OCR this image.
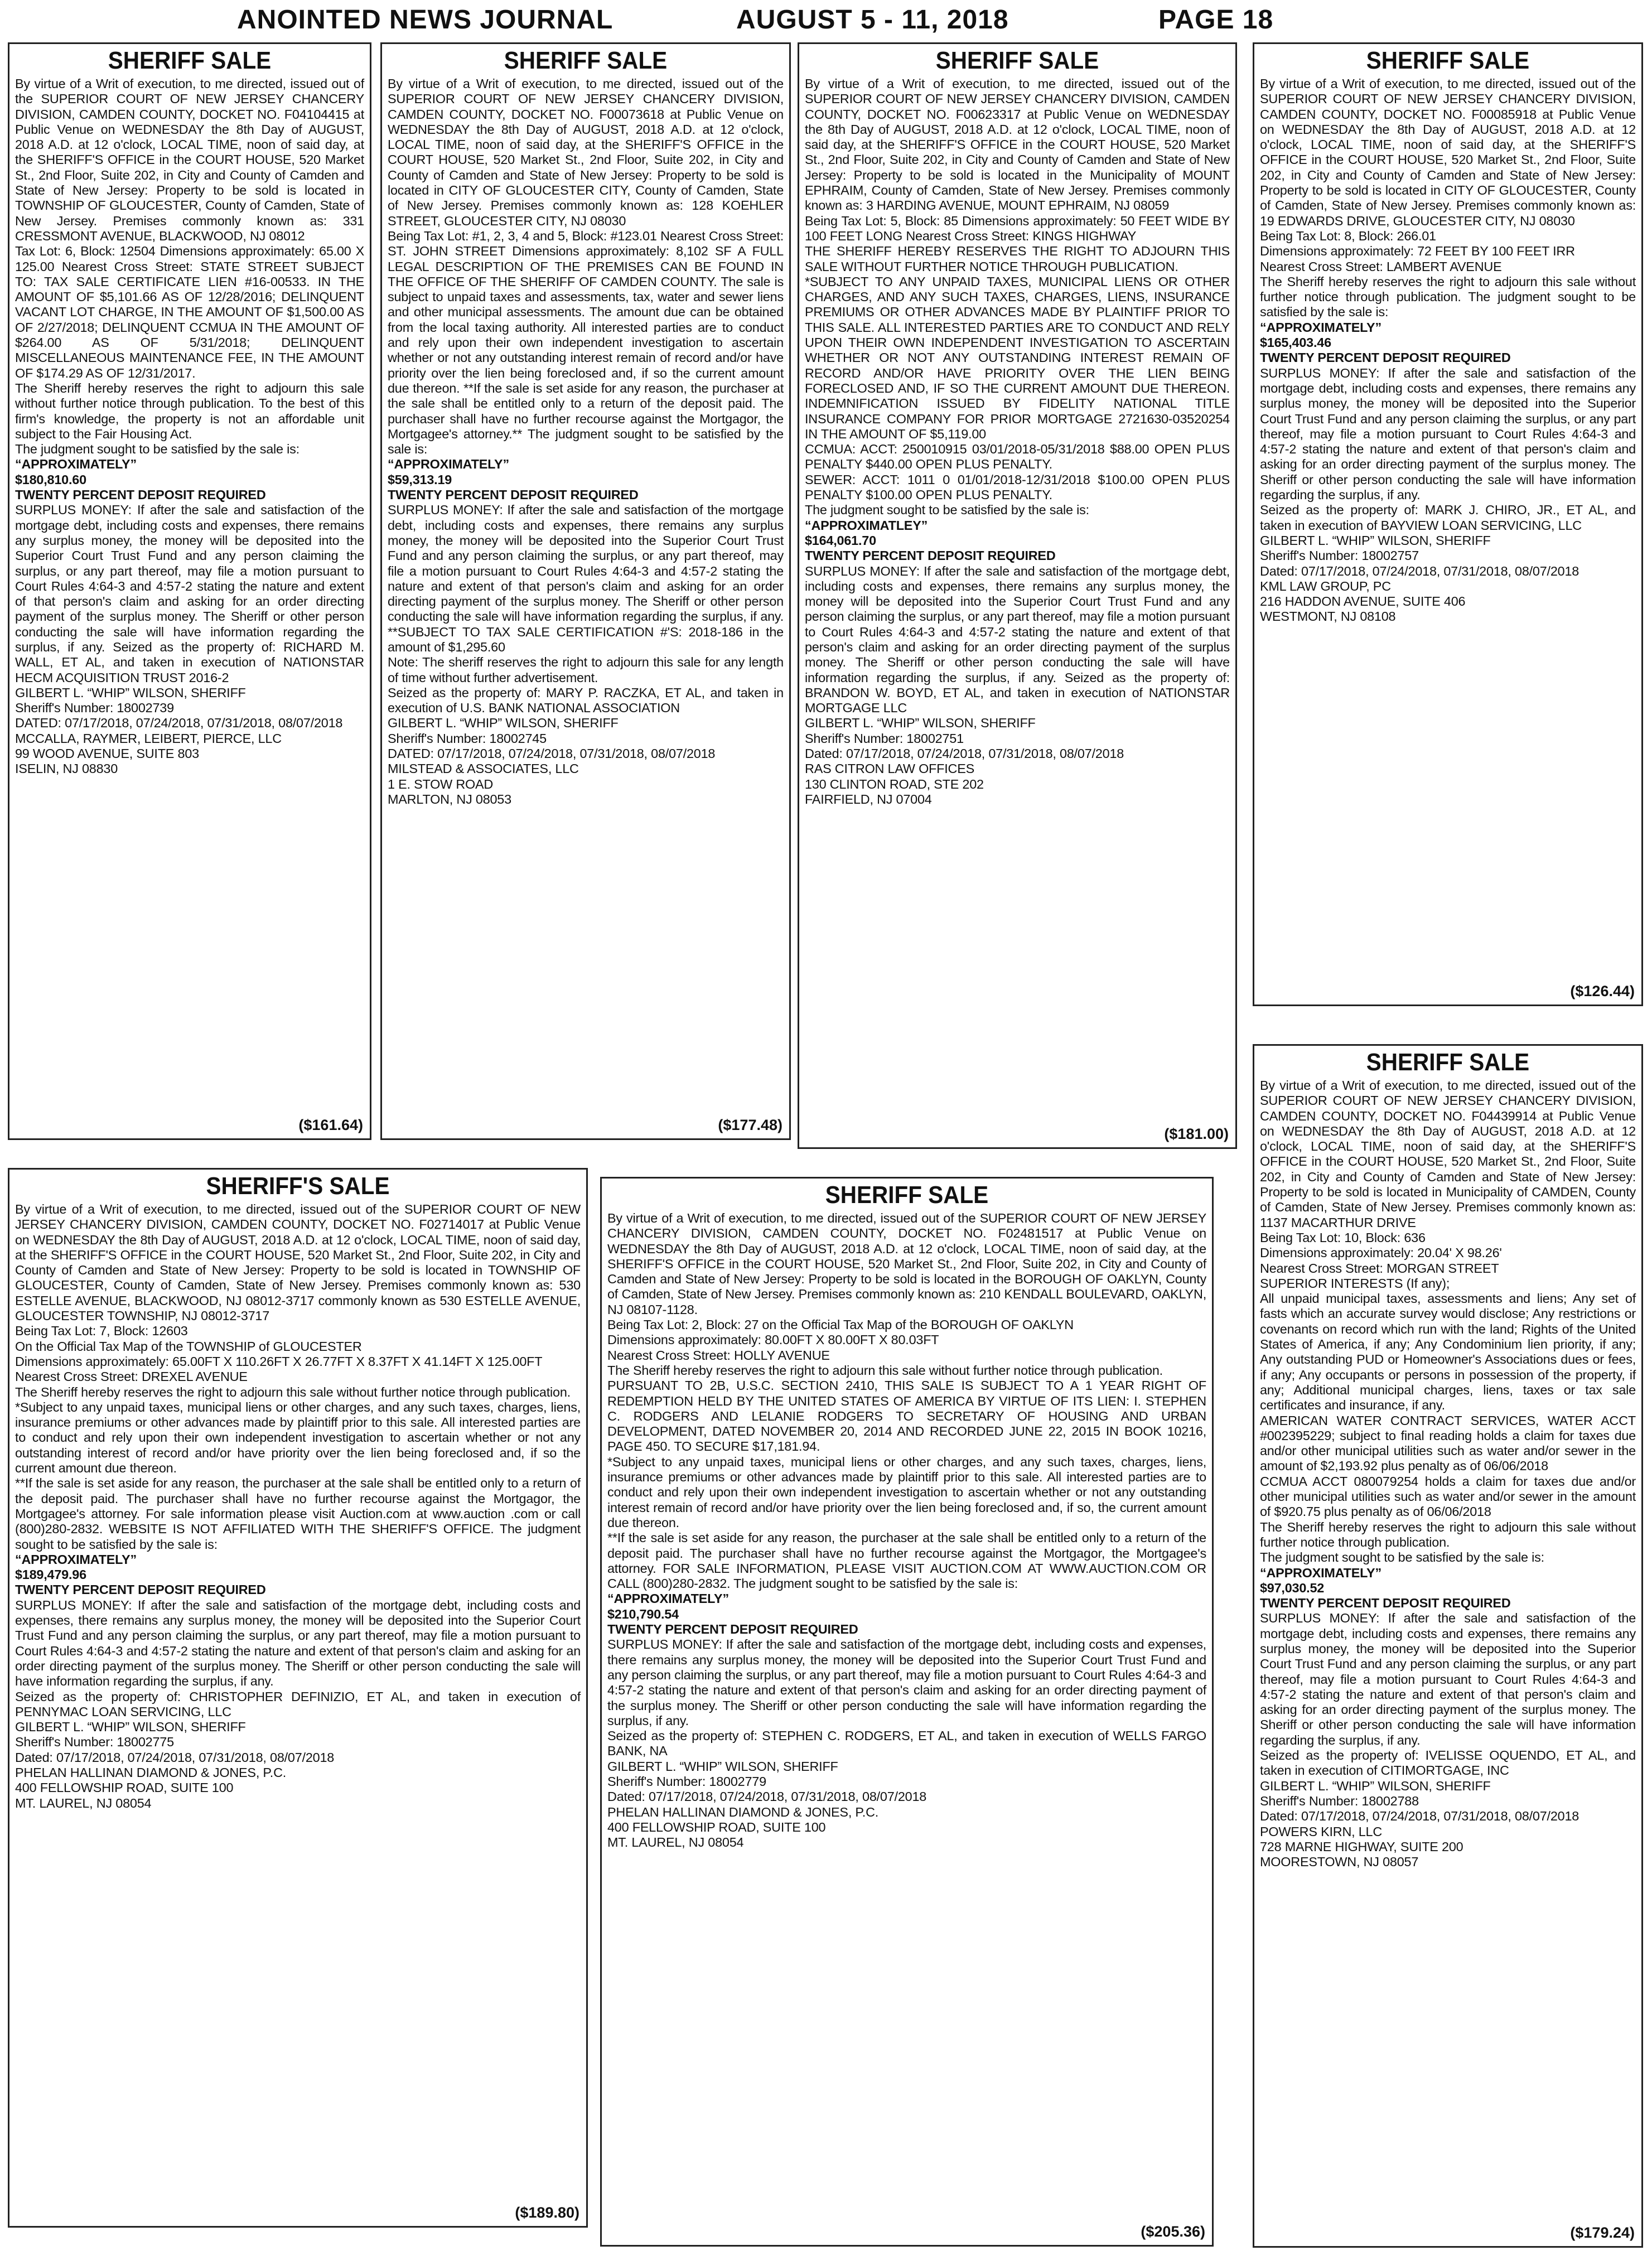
ANOINTED NEWS JOURNAL	AUGUST 5 - 11, 2018	PAGE 18
SHERIFF SALE

By virtue of a Writ of execution, to me directed, issued out of the SUPERIOR COURT OF NEW JERSEY CHANCERY DIVISION, CAMDEN COUNTY, DOCKET NO. F04104415 at Public Venue on WEDNESDAY the 8th Day of AUGUST, 2018 A.D. at 12 o'clock, LOCAL TIME, noon of said day, at the SHERIFF'S OFFICE in the COURT HOUSE, 520 Market St., 2nd Floor, Suite 202, in City and County of Camden and State of New Jersey: Property to be sold is located in TOWNSHIP OF GLOUCESTER, County of Camden, State of New Jersey. Premises commonly known as: 331 CRESSMONT AVENUE, BLACKWOOD, NJ 08012

Tax Lot: 6, Block: 12504 Dimensions approximately: 65.00 X 125.00 Nearest Cross Street: STATE STREET SUBJECT TO: TAX SALE CERTIFICATE LIEN #16-00533. IN THE AMOUNT OF $5,101.66 AS OF 12/28/2016; DELINQUENT VACANT LOT CHARGE, IN THE AMOUNT OF $1,500.00 AS OF 2/27/2018; DELINQUENT CCMUA IN THE AMOUNT OF $264.00 AS OF 5/31/2018; DELINQUENT MISCELLANEOUS MAINTENANCE FEE, IN THE AMOUNT OF $174.29 AS OF 12/31/2017.

The Sheriff hereby reserves the right to adjourn this sale without further notice through publication. To the best of this firm's knowledge, the property is not an affordable unit subject to the Fair Housing Act.

The judgment sought to be satisfied by the sale is:

“APPROXIMATELY”

$180,810.60

TWENTY PERCENT DEPOSIT REQUIRED

SURPLUS MONEY: If after the sale and satisfaction of the mortgage debt, including costs and expenses, there remains any surplus money, the money will be deposited into the Superior Court Trust Fund and any person claiming the surplus, or any part thereof, may file a motion pursuant to Court Rules 4:64-3 and 4:57-2 stating the nature and extent of that person's claim and asking for an order directing payment of the surplus money. The Sheriff or other person conducting the sale will have information regarding the surplus, if any. Seized as the property of: RICHARD M. WALL, ET AL, and taken in execution of NATIONSTAR HECM ACQUISITION TRUST 2016-2

GILBERT L. “WHIP” WILSON, SHERIFF

Sheriff's Number: 18002739

DATED: 07/17/2018, 07/24/2018, 07/31/2018, 08/07/2018

MCCALLA, RAYMER, LEIBERT, PIERCE, LLC

99 WOOD AVENUE, SUITE 803

ISELIN, NJ 08830

($161.64)
SHERIFF SALE

By virtue of a Writ of execution, to me directed, issued out of the SUPERIOR COURT OF NEW JERSEY CHANCERY DIVISION, CAMDEN COUNTY, DOCKET NO. F00073618 at Public Venue on WEDNESDAY the 8th Day of AUGUST, 2018 A.D. at 12 o'clock, LOCAL TIME, noon of said day, at the SHERIFF'S OFFICE in the COURT HOUSE, 520 Market St., 2nd Floor, Suite 202, in City and County of Camden and State of New Jersey: Property to be sold is located in CITY OF GLOUCESTER CITY, County of Camden, State of New Jersey. Premises commonly known as: 128 KOEHLER STREET, GLOUCESTER CITY, NJ 08030

Being Tax Lot: #1, 2, 3, 4 and 5, Block: #123.01 Nearest Cross Street: ST. JOHN STREET Dimensions approximately: 8,102 SF A FULL LEGAL DESCRIPTION OF THE PREMISES CAN BE FOUND IN THE OFFICE OF THE SHERIFF OF CAMDEN COUNTY. The sale is subject to unpaid taxes and assessments, tax, water and sewer liens and other municipal assessments. The amount due can be obtained from the local taxing authority. All interested parties are to conduct and rely upon their own independent investigation to ascertain whether or not any outstanding interest remain of record and/or have priority over the lien being foreclosed and, if so the current amount due thereon. **If the sale is set aside for any reason, the purchaser at the sale shall be entitled only to a return of the deposit paid. The purchaser shall have no further recourse against the Mortgagor, the Mortgagee's attorney.** The judgment sought to be satisfied by the sale is:

“APPROXIMATELY”

$59,313.19

TWENTY PERCENT DEPOSIT REQUIRED

SURPLUS MONEY: If after the sale and satisfaction of the mortgage debt, including costs and expenses, there remains any surplus money, the money will be deposited into the Superior Court Trust Fund and any person claiming the surplus, or any part thereof, may file a motion pursuant to Court Rules 4:64-3 and 4:57-2 stating the nature and extent of that person's claim and asking for an order directing payment of the surplus money. The Sheriff or other person conducting the sale will have information regarding the surplus, if any. **SUBJECT TO TAX SALE CERTIFICATION #'S: 2018-186 in the amount of $1,295.60

Note: The sheriff reserves the right to adjourn this sale for any length of time without further advertisement.

Seized as the property of: MARY P. RACZKA, ET AL, and taken in execution of U.S. BANK NATIONAL ASSOCIATION

GILBERT L. “WHIP” WILSON, SHERIFF

Sheriff's Number: 18002745

DATED: 07/17/2018, 07/24/2018, 07/31/2018, 08/07/2018

MILSTEAD & ASSOCIATES, LLC

1 E. STOW ROAD

MARLTON, NJ 08053

($177.48)
SHERIFF SALE

By virtue of a Writ of execution, to me directed, issued out of the SUPERIOR COURT OF NEW JERSEY CHANCERY DIVISION, CAMDEN COUNTY, DOCKET NO. F00623317 at Public Venue on WEDNESDAY the 8th Day of AUGUST, 2018 A.D. at 12 o'clock, LOCAL TIME, noon of said day, at the SHERIFF'S OFFICE in the COURT HOUSE, 520 Market St., 2nd Floor, Suite 202, in City and County of Camden and State of New Jersey: Property to be sold is located in the Municipality of MOUNT EPHRAIM, County of Camden, State of New Jersey. Premises commonly known as: 3 HARDING AVENUE, MOUNT EPHRAIM, NJ 08059

Being Tax Lot: 5, Block: 85 Dimensions approximately: 50 FEET WIDE BY 100 FEET LONG Nearest Cross Street: KINGS HIGHWAY

THE SHERIFF HEREBY RESERVES THE RIGHT TO ADJOURN THIS SALE WITHOUT FURTHER NOTICE THROUGH PUBLICATION.

*SUBJECT TO ANY UNPAID TAXES, MUNICIPAL LIENS OR OTHER CHARGES, AND ANY SUCH TAXES, CHARGES, LIENS, INSURANCE PREMIUMS OR OTHER ADVANCES MADE BY PLAINTIFF PRIOR TO THIS SALE. ALL INTERESTED PARTIES ARE TO CONDUCT AND RELY UPON THEIR OWN INDEPENDENT INVESTIGATION TO ASCERTAIN WHETHER OR NOT ANY OUTSTANDING INTEREST REMAIN OF RECORD AND/OR HAVE PRIORITY OVER THE LIEN BEING FORECLOSED AND, IF SO THE CURRENT AMOUNT DUE THEREON. INDEMNIFICATION ISSUED BY FIDELITY NATIONAL TITLE INSURANCE COMPANY FOR PRIOR MORTGAGE 2721630-03520254 IN THE AMOUNT OF $5,119.00

CCMUA: ACCT: 250010915 03/01/2018-05/31/2018 $88.00 OPEN PLUS PENALTY $440.00 OPEN PLUS PENALTY.

SEWER: ACCT: 1011 0 01/01/2018-12/31/2018 $100.00 OPEN PLUS PENALTY $100.00 OPEN PLUS PENALTY.

The judgment sought to be satisfied by the sale is:

“APPROXIMATLEY”

$164,061.70

TWENTY PERCENT DEPOSIT REQUIRED

SURPLUS MONEY: If after the sale and satisfaction of the mortgage debt, including costs and expenses, there remains any surplus money, the money will be deposited into the Superior Court Trust Fund and any person claiming the surplus, or any part thereof, may file a motion pursuant to Court Rules 4:64-3 and 4:57-2 stating the nature and extent of that person's claim and asking for an order directing payment of the surplus money. The Sheriff or other person conducting the sale will have information regarding the surplus, if any. Seized as the property of: BRANDON W. BOYD, ET AL, and taken in execution of NATIONSTAR MORTGAGE LLC

GILBERT L. “WHIP” WILSON, SHERIFF

Sheriff's Number: 18002751

Dated: 07/17/2018, 07/24/2018, 07/31/2018, 08/07/2018

RAS CITRON LAW OFFICES

130 CLINTON ROAD, STE 202

FAIRFIELD, NJ 07004

($181.00)
SHERIFF SALE

By virtue of a Writ of execution, to me directed, issued out of the SUPERIOR COURT OF NEW JERSEY CHANCERY DIVISION, CAMDEN COUNTY, DOCKET NO. F00085918 at Public Venue on WEDNESDAY the 8th Day of AUGUST, 2018 A.D. at 12 o'clock, LOCAL TIME, noon of said day, at the SHERIFF'S OFFICE in the COURT HOUSE, 520 Market St., 2nd Floor, Suite 202, in City and County of Camden and State of New Jersey: Property to be sold is located in CITY OF GLOUCESTER, County of Camden, State of New Jersey. Premises commonly known as: 19 EDWARDS DRIVE, GLOUCESTER CITY, NJ 08030

Being Tax Lot: 8, Block: 266.01

Dimensions approximately: 72 FEET BY 100 FEET IRR

Nearest Cross Street: LAMBERT AVENUE

The Sheriff hereby reserves the right to adjourn this sale without further notice through publication. The judgment sought to be satisfied by the sale is:

“APPROXIMATELY”

$165,403.46

TWENTY PERCENT DEPOSIT REQUIRED

SURPLUS MONEY: If after the sale and satisfaction of the mortgage debt, including costs and expenses, there remains any surplus money, the money will be deposited into the Superior Court Trust Fund and any person claiming the surplus, or any part thereof, may file a motion pursuant to Court Rules 4:64-3 and 4:57-2 stating the nature and extent of that person's claim and asking for an order directing payment of the surplus money. The Sheriff or other person conducting the sale will have information regarding the surplus, if any.

Seized as the property of: MARK J. CHIRO, JR., ET AL, and taken in execution of BAYVIEW LOAN SERVICING, LLC

GILBERT L. “WHIP” WILSON, SHERIFF

Sheriff's Number: 18002757

Dated: 07/17/2018, 07/24/2018, 07/31/2018, 08/07/2018

KML LAW GROUP, PC

216 HADDON AVENUE, SUITE 406

WESTMONT, NJ 08108

($126.44)
SHERIFF SALE

By virtue of a Writ of execution, to me directed, issued out of the SUPERIOR COURT OF NEW JERSEY CHANCERY DIVISION, CAMDEN COUNTY, DOCKET NO. F04439914 at Public Venue on WEDNESDAY the 8th Day of AUGUST, 2018 A.D. at 12 o'clock, LOCAL TIME, noon of said day, at the SHERIFF'S OFFICE in the COURT HOUSE, 520 Market St., 2nd Floor, Suite 202, in City and County of Camden and State of New Jersey: Property to be sold is located in Municipality of CAMDEN, County of Camden, State of New Jersey. Premises commonly known as: 1137 MACARTHUR DRIVE

Being Tax Lot: 10, Block: 636

Dimensions approximately: 20.04' X 98.26'

Nearest Cross Street: MORGAN STREET

SUPERIOR INTERESTS (If any);

All unpaid municipal taxes, assessments and liens; Any set of fasts which an accurate survey would disclose; Any restrictions or covenants on record which run with the land; Rights of the United States of America, if any; Any Condominium lien priority, if any; Any outstanding PUD or Homeowner's Associations dues or fees, if any; Any occupants or persons in possession of the property, if any; Additional municipal charges, liens, taxes or tax sale certificates and insurance, if any.

AMERICAN WATER CONTRACT SERVICES, WATER ACCT #002395229; subject to final reading holds a claim for taxes due and/or other municipal utilities such as water and/or sewer in the amount of $2,193.92 plus penalty as of 06/06/2018

CCMUA ACCT 080079254 holds a claim for taxes due and/or other municipal utilities such as water and/or sewer in the amount of $920.75 plus penalty as of 06/06/2018

The Sheriff hereby reserves the right to adjourn this sale without further notice through publication.

The judgment sought to be satisfied by the sale is:

“APPROXIMATELY”

$97,030.52

TWENTY PERCENT DEPOSIT REQUIRED

SURPLUS MONEY: If after the sale and satisfaction of the mortgage debt, including costs and expenses, there remains any surplus money, the money will be deposited into the Superior Court Trust Fund and any person claiming the surplus, or any part thereof, may file a motion pursuant to Court Rules 4:64-3 and 4:57-2 stating the nature and extent of that person's claim and asking for an order directing payment of the surplus money. The Sheriff or other person conducting the sale will have information regarding the surplus, if any.

Seized as the property of: IVELISSE OQUENDO, ET AL, and taken in execution of CITIMORTGAGE, INC

GILBERT L. “WHIP” WILSON, SHERIFF

Sheriff's Number: 18002788

Dated: 07/17/2018, 07/24/2018, 07/31/2018, 08/07/2018

POWERS KIRN, LLC

728 MARNE HIGHWAY, SUITE 200

MOORESTOWN, NJ 08057

($179.24)
SHERIFF'S SALE

By virtue of a Writ of execution, to me directed, issued out of the SUPERIOR COURT OF NEW JERSEY CHANCERY DIVISION, CAMDEN COUNTY, DOCKET NO. F02714017 at Public Venue on WEDNESDAY the 8th Day of AUGUST, 2018 A.D. at 12 o'clock, LOCAL TIME, noon of said day, at the SHERIFF'S OFFICE in the COURT HOUSE, 520 Market St., 2nd Floor, Suite 202, in City and County of Camden and State of New Jersey: Property to be sold is located in TOWNSHIP OF GLOUCESTER, County of Camden, State of New Jersey. Premises commonly known as: 530 ESTELLE AVENUE, BLACKWOOD, NJ 08012-3717 commonly known as 530 ESTELLE AVENUE, GLOUCESTER TOWNSHIP, NJ 08012-3717

Being Tax Lot: 7, Block: 12603

On the Official Tax Map of the TOWNSHIP of GLOUCESTER

Dimensions approximately: 65.00FT X 110.26FT X 26.77FT X 8.37FT X 41.14FT X 125.00FT

Nearest Cross Street: DREXEL AVENUE

The Sheriff hereby reserves the right to adjourn this sale without further notice through publication.

*Subject to any unpaid taxes, municipal liens or other charges, and any such taxes, charges, liens, insurance premiums or other advances made by plaintiff prior to this sale. All interested parties are to conduct and rely upon their own independent investigation to ascertain whether or not any outstanding interest of record and/or have priority over the lien being foreclosed and, if so the current amount due thereon.

**If the sale is set aside for any reason, the purchaser at the sale shall be entitled only to a return of the deposit paid. The purchaser shall have no further recourse against the Mortgagor, the Mortgagee's attorney. For sale information please visit Auction.com at www.auction .com or call (800)280-2832. WEBSITE IS NOT AFFILIATED WITH THE SHERIFF'S OFFICE. The judgment sought to be satisfied by the sale is:

“APPROXIMATELY”

$189,479.96

TWENTY PERCENT DEPOSIT REQUIRED

SURPLUS MONEY: If after the sale and satisfaction of the mortgage debt, including costs and expenses, there remains any surplus money, the money will be deposited into the Superior Court Trust Fund and any person claiming the surplus, or any part thereof, may file a motion pursuant to Court Rules 4:64-3 and 4:57-2 stating the nature and extent of that person's claim and asking for an order directing payment of the surplus money. The Sheriff or other person conducting the sale will have information regarding the surplus, if any.

Seized as the property of: CHRISTOPHER DEFINIZIO, ET AL, and taken in execution of PENNYMAC LOAN SERVICING, LLC

GILBERT L. “WHIP” WILSON, SHERIFF

Sheriff's Number: 18002775

Dated: 07/17/2018, 07/24/2018, 07/31/2018, 08/07/2018

PHELAN HALLINAN DIAMOND & JONES, P.C.

400 FELLOWSHIP ROAD, SUITE 100

MT. LAUREL, NJ 08054

($189.80)
SHERIFF SALE

By virtue of a Writ of execution, to me directed, issued out of the SUPERIOR COURT OF NEW JERSEY CHANCERY DIVISION, CAMDEN COUNTY, DOCKET NO. F02481517 at Public Venue on WEDNESDAY the 8th Day of AUGUST, 2018 A.D. at 12 o'clock, LOCAL TIME, noon of said day, at the SHERIFF'S OFFICE in the COURT HOUSE, 520 Market St., 2nd Floor, Suite 202, in City and County of Camden and State of New Jersey: Property to be sold is located in the BOROUGH OF OAKLYN, County of Camden, State of New Jersey. Premises commonly known as: 210 KENDALL BOULEVARD, OAKLYN, NJ 08107-1128.

Being Tax Lot: 2, Block: 27 on the Official Tax Map of the BOROUGH OF OAKLYN

Dimensions approximately: 80.00FT X 80.00FT X 80.03FT

Nearest Cross Street: HOLLY AVENUE

The Sheriff hereby reserves the right to adjourn this sale without further notice through publication.

PURSUANT TO 2B, U.S.C. SECTION 2410, THIS SALE IS SUBJECT TO A 1 YEAR RIGHT OF REDEMPTION HELD BY THE UNITED STATES OF AMERICA BY VIRTUE OF ITS LIEN: I. STEPHEN C. RODGERS AND LELANIE RODGERS TO SECRETARY OF HOUSING AND URBAN DEVELOPMENT, DATED NOVEMBER 20, 2014 AND RECORDED JUNE 22, 2015 IN BOOK 10216, PAGE 450. TO SECURE $17,181.94.

*Subject to any unpaid taxes, municipal liens or other charges, and any such taxes, charges, liens, insurance premiums or other advances made by plaintiff prior to this sale. All interested parties are to conduct and rely upon their own independent investigation to ascertain whether or not any outstanding interest remain of record and/or have priority over the lien being foreclosed and, if so, the current amount due thereon.

**If the sale is set aside for any reason, the purchaser at the sale shall be entitled only to a return of the deposit paid. The purchaser shall have no further recourse against the Mortgagor, the Mortgagee's attorney. FOR SALE INFORMATION, PLEASE VISIT AUCTION.COM AT WWW.AUCTION.COM OR CALL (800)280-2832. The judgment sought to be satisfied by the sale is:

“APPROXIMATELY”

$210,790.54

TWENTY PERCENT DEPOSIT REQUIRED

SURPLUS MONEY: If after the sale and satisfaction of the mortgage debt, including costs and expenses, there remains any surplus money, the money will be deposited into the Superior Court Trust Fund and any person claiming the surplus, or any part thereof, may file a motion pursuant to Court Rules 4:64-3 and 4:57-2 stating the nature and extent of that person's claim and asking for an order directing payment of the surplus money. The Sheriff or other person conducting the sale will have information regarding the surplus, if any.

Seized as the property of: STEPHEN C. RODGERS, ET AL, and taken in execution of WELLS FARGO BANK, NA

GILBERT L. “WHIP” WILSON, SHERIFF

Sheriff's Number: 18002779

Dated: 07/17/2018, 07/24/2018, 07/31/2018, 08/07/2018

PHELAN HALLINAN DIAMOND & JONES, P.C.

400 FELLOWSHIP ROAD, SUITE 100

MT. LAUREL, NJ 08054

($205.36)
